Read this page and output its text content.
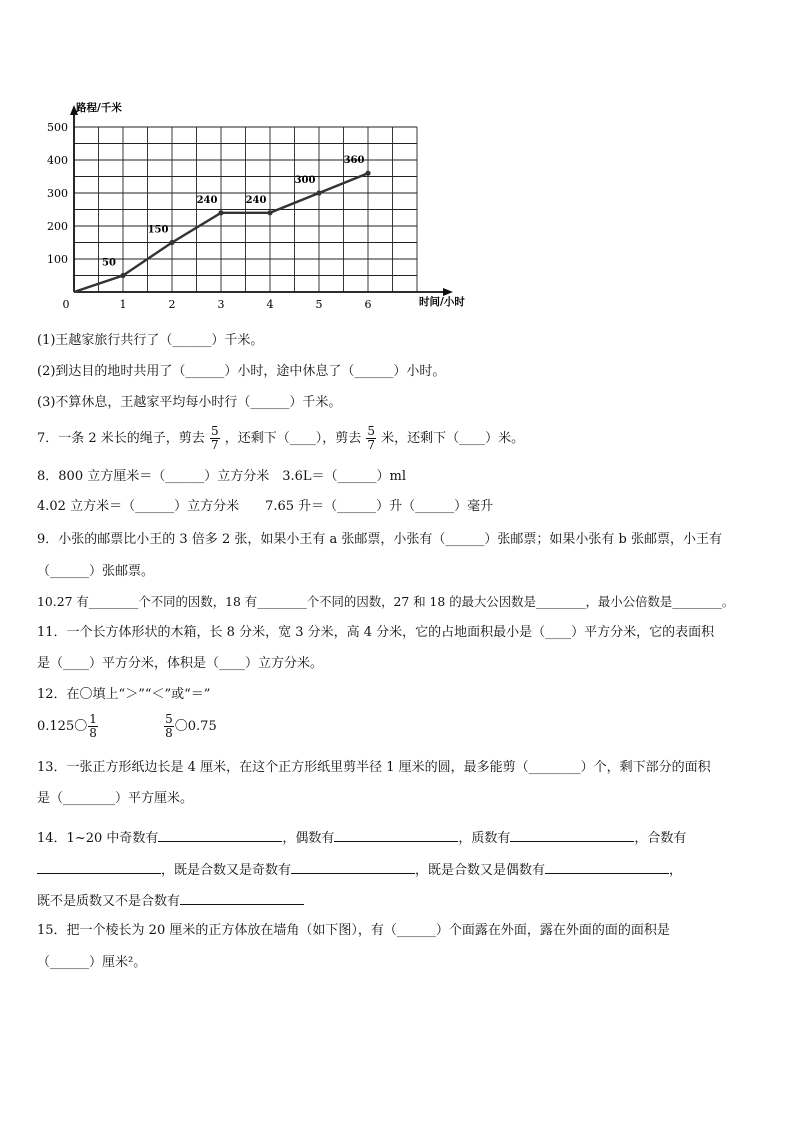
路程/千米
时间/小时
0	1	2	3	4	5	6
100
200
300
400
500
50
150
240	240
300
360
(1)王越家旅行共行了（______）千米。
(2)到达目的地时共用了（______）小时，途中休息了（______）小时。
(3)不算休息，王越家平均每小时行（______）千米。
7．一条 2 米长的绳子，剪去 $\frac{5}{7}$ ，还剩下（____），剪去 $\frac{5}{7}$ 米，还剩下（____）米。
8．800 立方厘米＝（______）立方分米　3.6L＝（______）ml
4.02 立方米＝（______）立方分米　　7.65 升＝（______）升（______）毫升
9．小张的邮票比小王的 3 倍多 2 张，如果小王有 a 张邮票，小张有（______）张邮票；如果小张有 b 张邮票，小王有
（______）张邮票。
10.27 有________个不同的因数，18 有________个不同的因数，27 和 18 的最大公因数是________，最小公倍数是________。
11．一个长方体形状的木箱，长 8 分米，宽 3 分米，高 4 分米，它的占地面积最小是（____）平方分米，它的表面积
是（____）平方分米，体积是（____）立方分米。
12．在〇填上“＞”“＜”或“＝”
0.125〇 $\frac{1}{8}$
	$\frac{5}{8}$ 〇0.75
13．一张正方形纸边长是 4 厘米，在这个正方形纸里剪半径 1 厘米的圆，最多能剪（________）个，剩下部分的面积
是（________）平方厘米。
14．1~20 中奇数有	，偶数有	，质数有	，合数有
，既是合数又是奇数有	，既是合数又是偶数有	，
既不是质数又不是合数有
15．把一个棱长为 20 厘米的正方体放在墙角（如下图），有（______）个面露在外面，露在外面的面的面积是
（______）厘米²。
